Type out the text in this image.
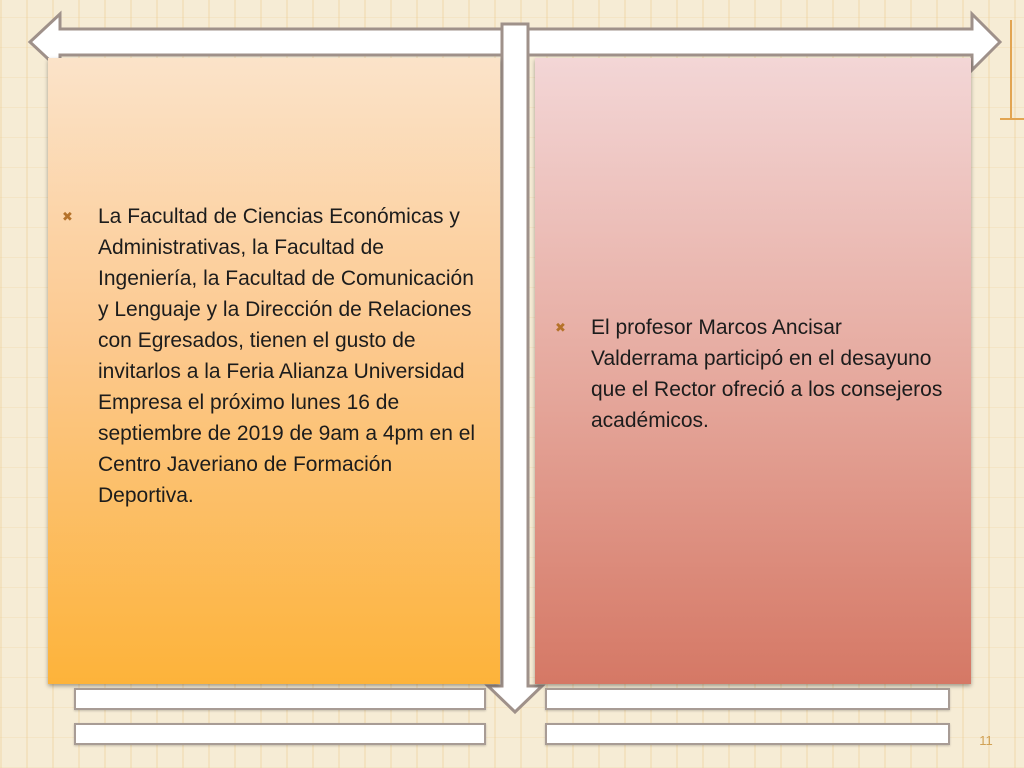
✖	La Facultad de Ciencias Económicas y Administrativas, la Facultad de Ingeniería, la Facultad de Comunicación y Lenguaje y la Dirección de Relaciones con Egresados, tienen el gusto de invitarlos a la Feria Alianza Universidad Empresa el próximo lunes 16 de septiembre de 2019 de 9am a 4pm en el Centro Javeriano de Formación Deportiva.
✖	El profesor Marcos Ancisar Valderrama participó en el desayuno que el Rector ofreció a los consejeros académicos.
11
